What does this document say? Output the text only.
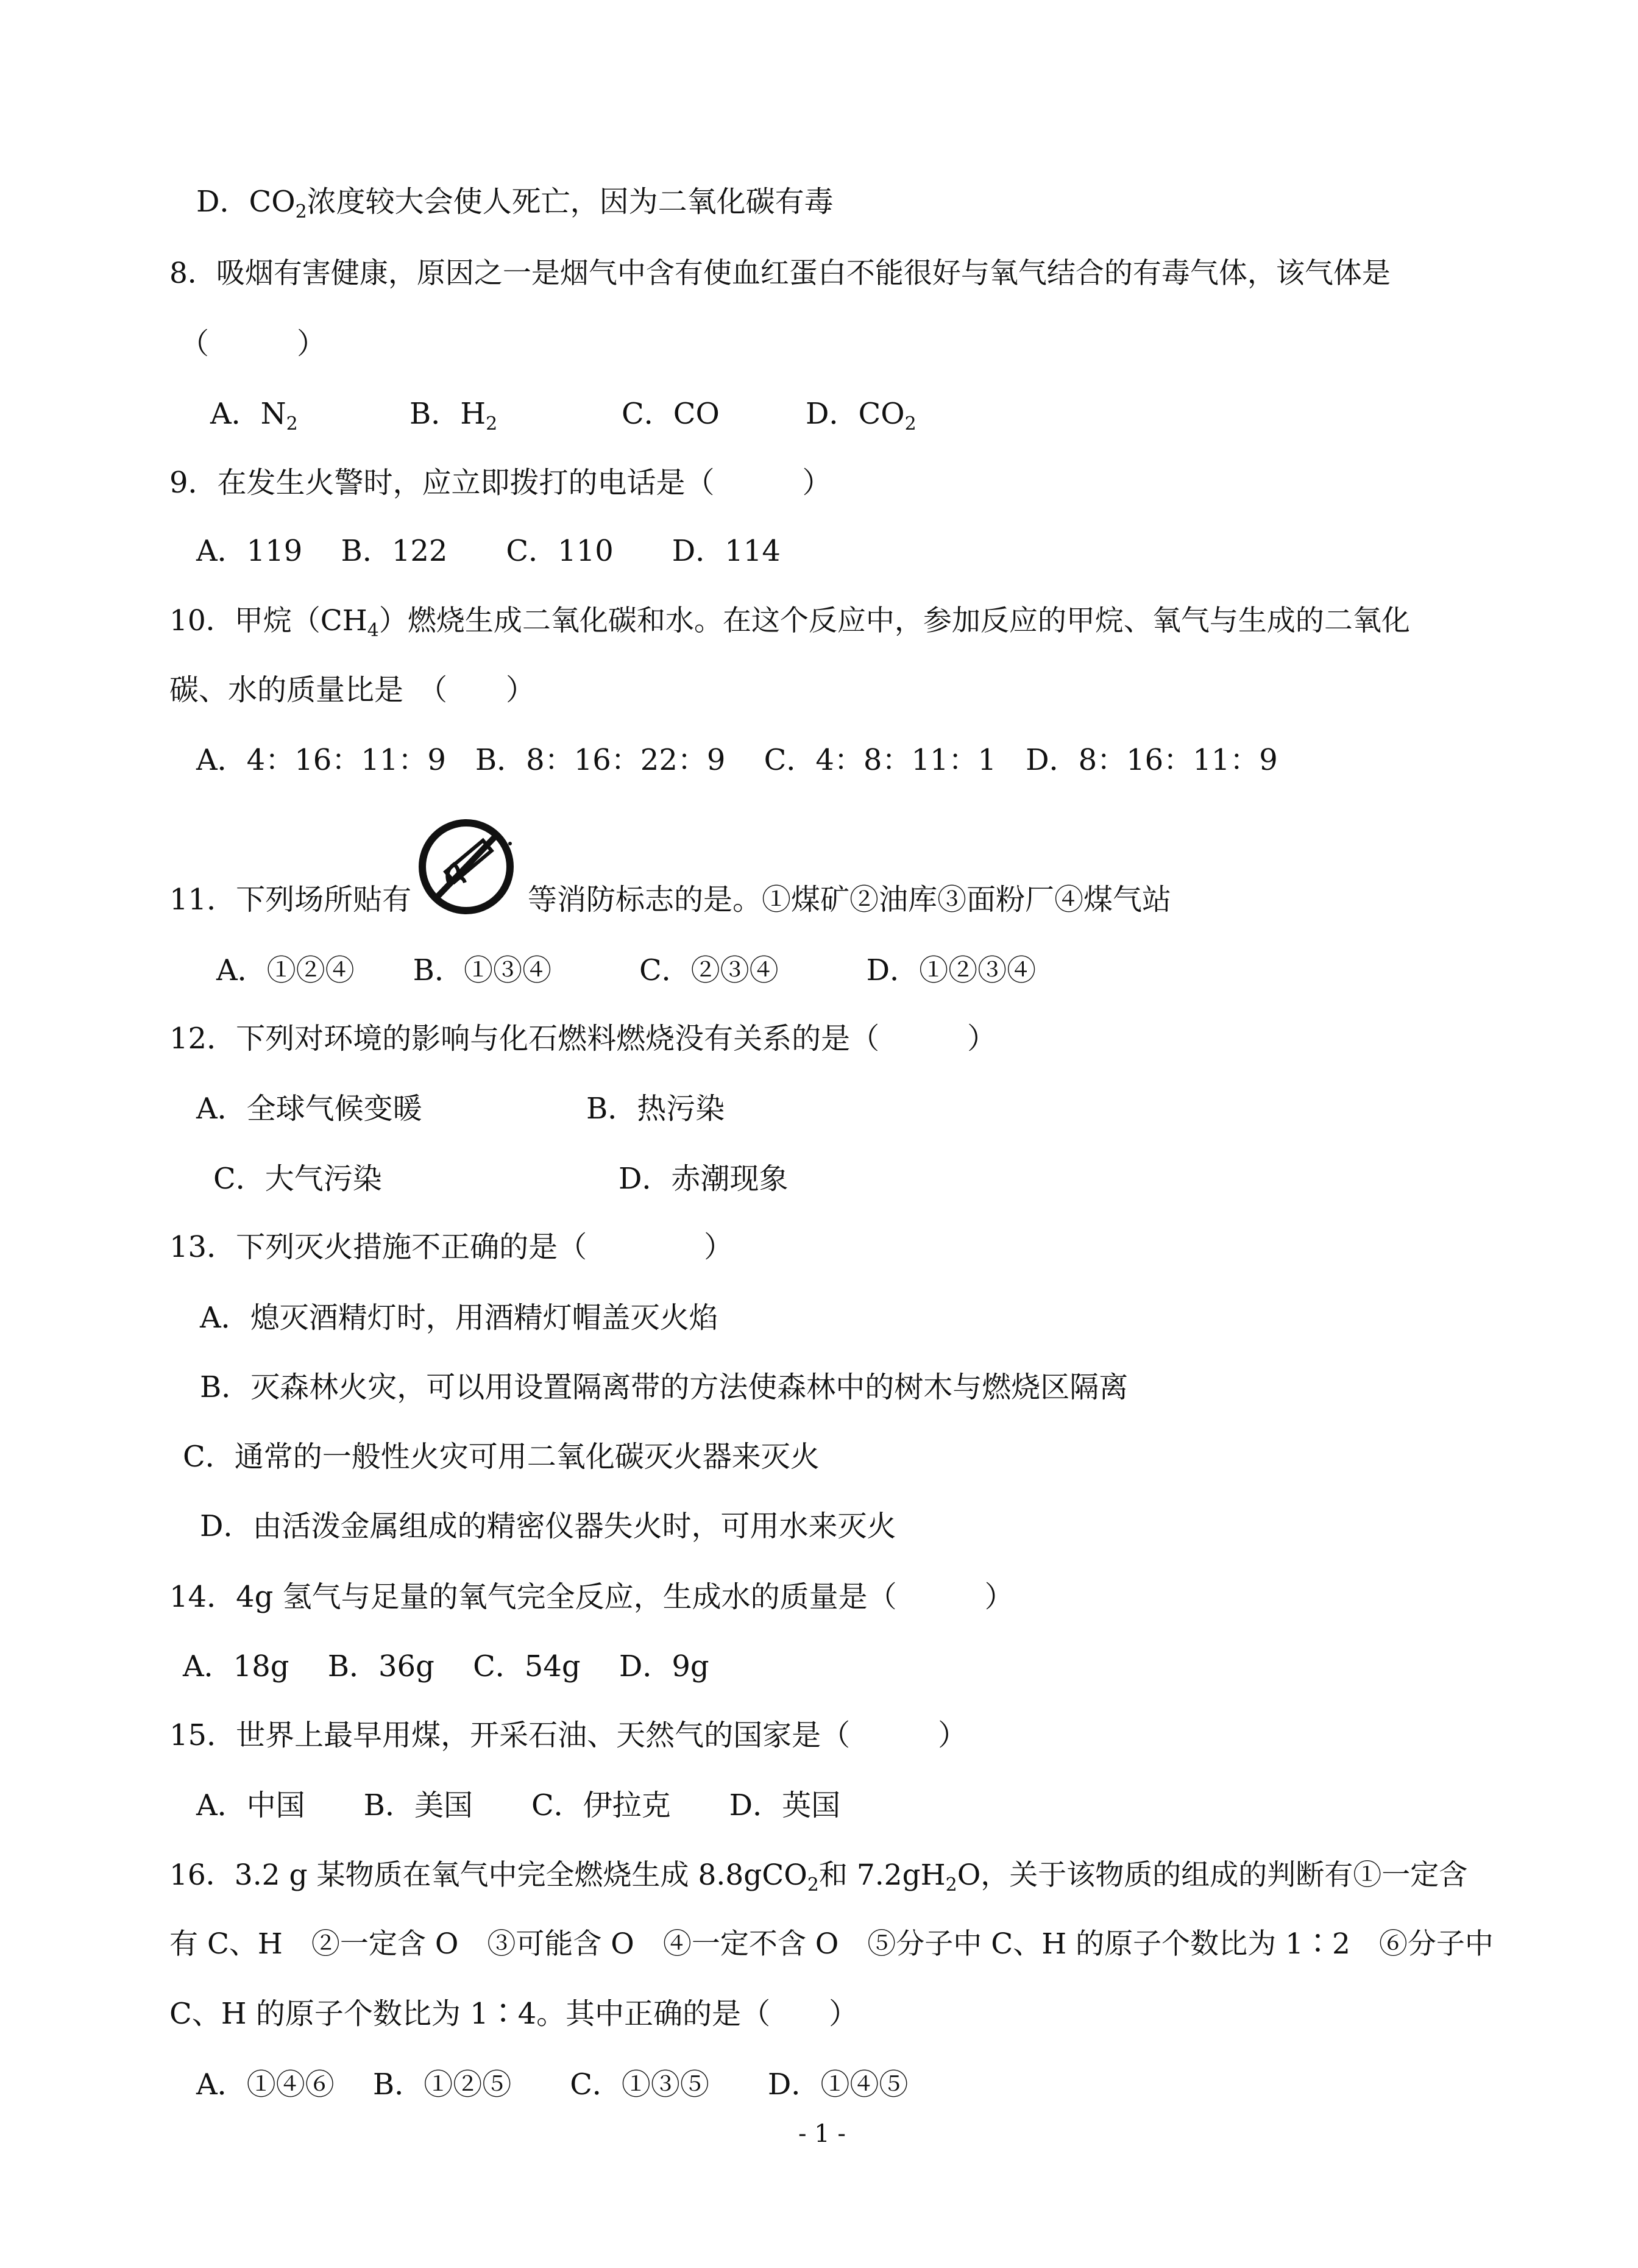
D．$CO_2$浓度较大会使人死亡，因为二氧化碳有毒
8．吸烟有害健康，原因之一是烟气中含有使血红蛋白不能很好与氧气结合的有毒气体，该气体是
（　　　）
A．$N_2$	B．$H_2$	C．CO	D．$CO_2$
9．在发生火警时，应立即拨打的电话是（　　　）
A．119　 B．122　　C．110　　D．114
10．甲烷$(CH_4)$燃烧生成二氧化碳和水。在这个反应中，参加反应的甲烷、氧气与生成的二氧化
碳、水的质量比是　（　　）
A．4：16：11：9　B．8：16：22：9　 C．4：8：11：1　D．8：16：11：9
11．下列场所贴有	等消防标志的是。①煤矿②油库③面粉厂④煤气站
A．①②④　　B．①③④　　　C．②③④　　　D．①②③④
12．下列对环境的影响与化石燃料燃烧没有关系的是（　　　）
A．全球气候变暖	B．热污染
C．大气污染	D．赤潮现象
13．下列灭火措施不正确的是（　　　　）
A．熄灭酒精灯时，用酒精灯帽盖灭火焰
B．灭森林火灾，可以用设置隔离带的方法使森林中的树木与燃烧区隔离
C．通常的一般性火灾可用二氧化碳灭火器来灭火
D．由活泼金属组成的精密仪器失火时，可用水来灭火
14．4g 氢气与足量的氧气完全反应，生成水的质量是（　　　）
A．18g　 B．36g　 C．54g　 D．9g
15．世界上最早用煤，开采石油、天然气的国家是（　　　）
A．中国　　B．美国　　C．伊拉克　　D．英国
16．3.2 g 某物质在氧气中完全燃烧生成 8.8gCO$_2$和 $7.2gH_2O$，关于该物质的组成的判断有①一定含
有 C、H　②一定含 O　③可能含 O　④一定不含 O　⑤分子中 C、H 的原子个数比为 1∶2　⑥分子中
C、H 的原子个数比为 1∶4。其中正确的是（　　）
A．①④⑥　 B．①②⑤　　C．①③⑤　　D．①④⑤
- 1 -
